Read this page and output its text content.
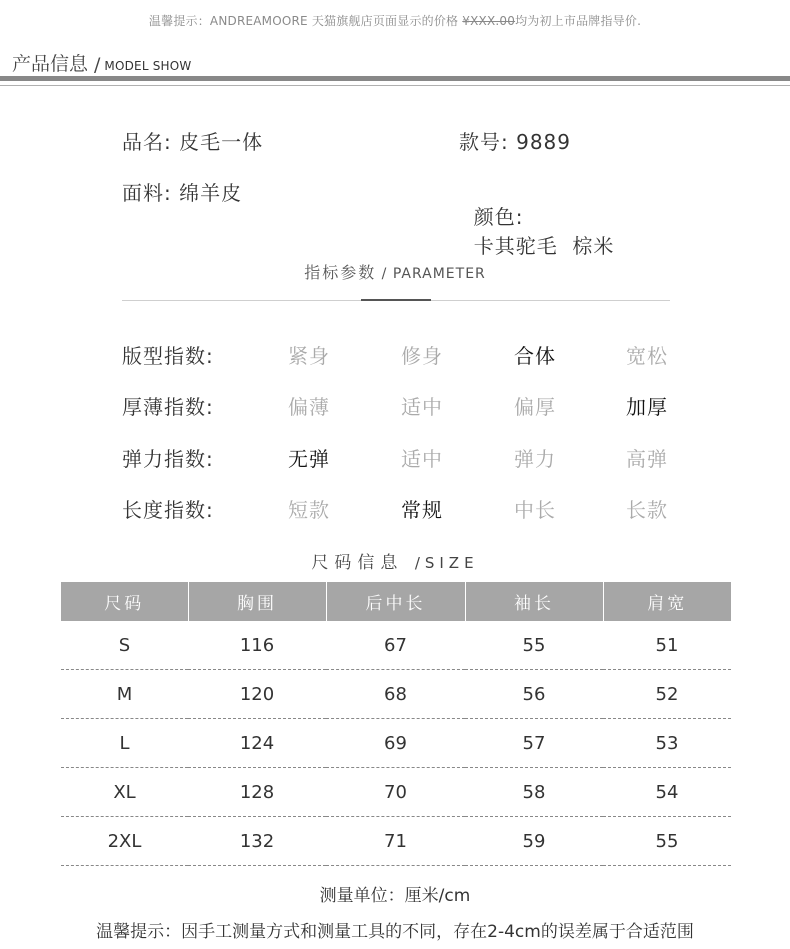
温馨提示：ANDREAMOORE 天猫旗舰店页面显示的价格 ¥XXX.00均为初上市品牌指导价.
产品信息 / MODEL SHOW
品名: 皮毛一体	款号: 9889
面料: 绵羊皮

颜色:
卡其驼毛  棕米

指标参数 / PARAMETER
版型指数:	紧身	修身	合体	宽松
厚薄指数:	偏薄	适中	偏厚	加厚
弹力指数:	无弹	适中	弹力	高弹
长度指数:	短款	常规	中长	长款
尺码信息 /SIZE
尺码	胸围	后中长	袖长	肩宽
S	116	67	55	51
M	120	68	56	52
L	124	69	57	53
XL	128	70	58	54
2XL	132	71	59	55
测量单位：厘米/cm
温馨提示：因手工测量方式和测量工具的不同，存在2-4cm的误差属于合适范围
